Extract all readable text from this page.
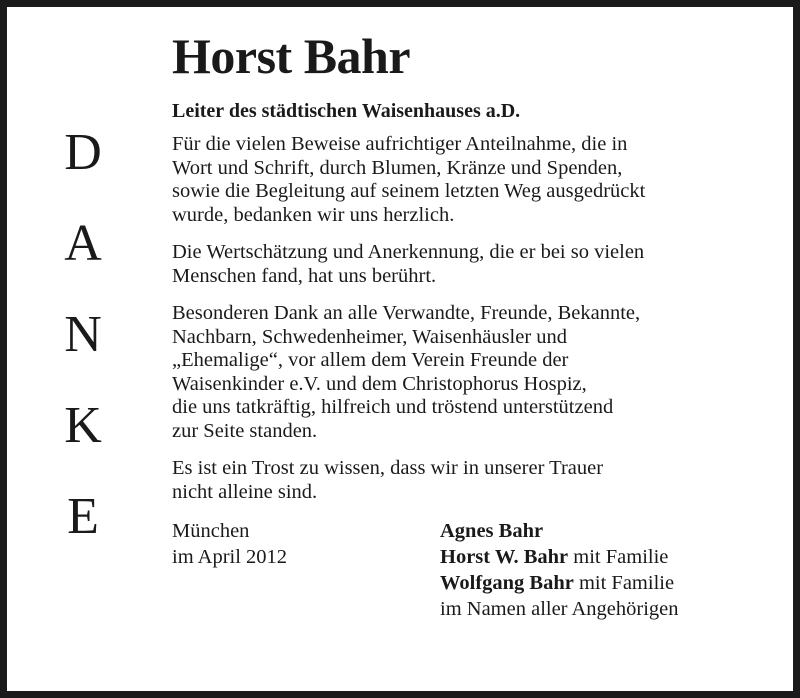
D
A
N
K
E
Horst Bahr
Leiter des städtischen Waisenhauses a.D.
Für die vielen Beweise aufrichtiger Anteilnahme, die in
Wort und Schrift, durch Blumen, Kränze und Spenden,
sowie die Begleitung auf seinem letzten Weg ausgedrückt
wurde, bedanken wir uns herzlich.
Die Wertschätzung und Anerkennung, die er bei so vielen
Menschen fand, hat uns berührt.
Besonderen Dank an alle Verwandte, Freunde, Bekannte,
Nachbarn, Schwedenheimer, Waisenhäusler und
„Ehemalige“, vor allem dem Verein Freunde der
Waisenkinder e.V. und dem Christophorus Hospiz,
die uns tatkräftig, hilfreich und tröstend unterstützend
zur Seite standen.
Es ist ein Trost zu wissen, dass wir in unserer Trauer
nicht alleine sind.
München
im April 2012
Agnes Bahr
Horst W. Bahr mit Familie
Wolfgang Bahr mit Familie
im Namen aller Angehörigen
